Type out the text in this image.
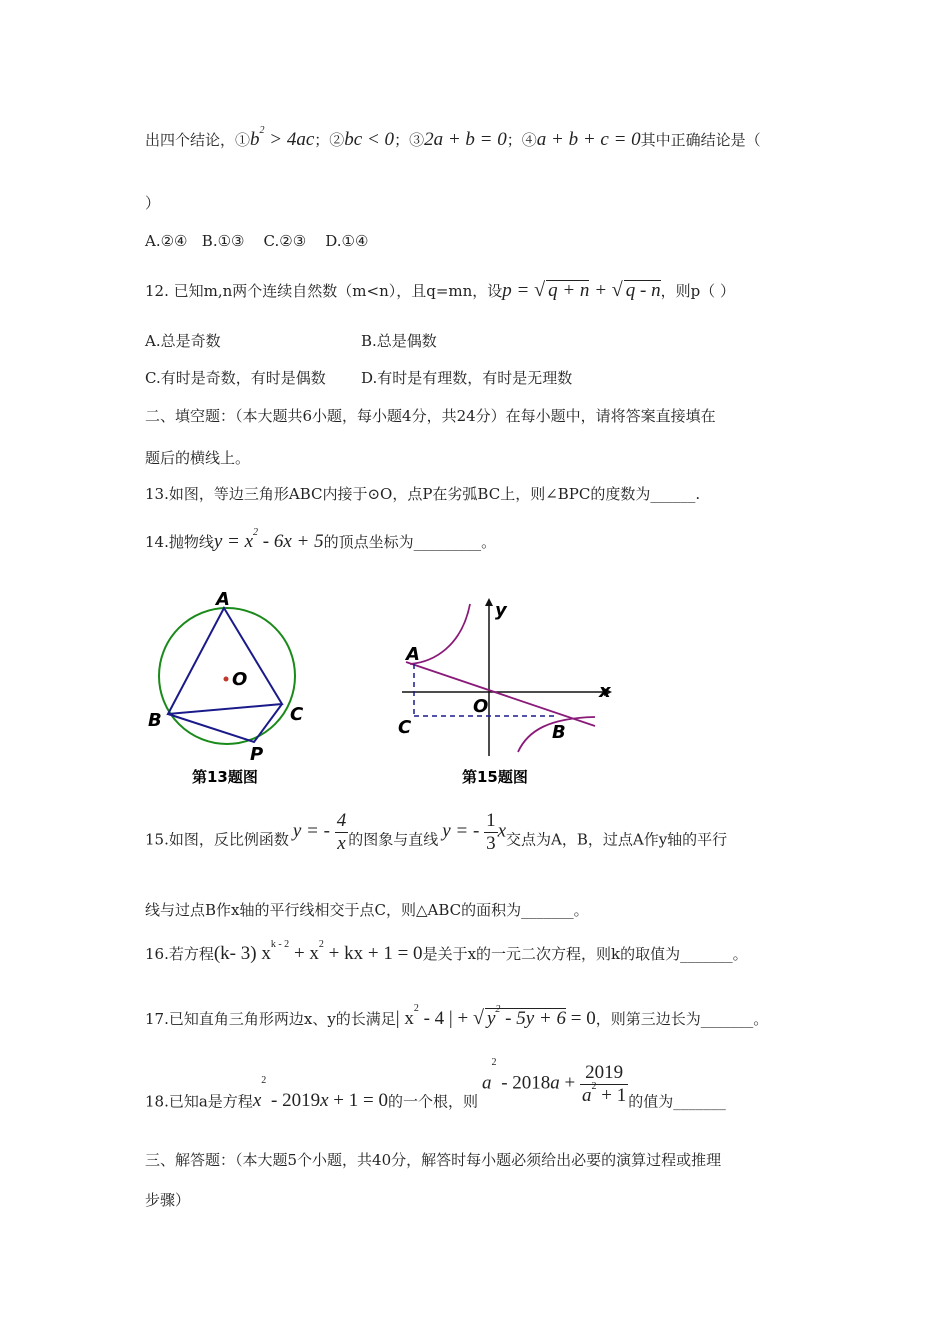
出四个结论，$①b^2 > 4ac$；②bc < 0；③2a + b = 0；④a + b + c = 0其中正确结论是（
）
A.②④   B.①③    C.②③    D.①④
12. 已知m,n两个连续自然数（m<n），且q=mn，设p = √ q + n + √ q - n，则p（ ）
A.总是奇数	B.总是偶数
C.有时是奇数，有时是偶数 D.有时是有理数，有时是无理数
二、填空题：（本大题共6小题，每小题4分，共24分）在每小题中，请将答案直接填在
题后的横线上。
13.如图，等边三角形ABC内接于⊙O，点P在劣弧BC上，则∠BPC的度数为______.
14.抛物线$y = x^2 - 6x + 5$的顶点坐标为_________。
A
O
B	C
P
第13题图
y
x
A
O
C	B
第15题图
15.如图，反比例函数 y = - $\frac{4}{x}$ 的图象与直线 y = - $\frac{1}{3}$ x交点为A，B，过点A作y轴的平行
线与过点B作x轴的平行线相交于点C，则△ABC的面积为_______。
16.若方程(k- 3) $x^{k - 2} + x^2$ + kx + 1 = 0是关于x的一元二次方程，则k的取值为_______。
17.已知直角三角形两边x、y的长满足| $x^2 - 4$ | + √ $y^2 - 5y + 6 = 0$，则第三边长为_______。
18.已知a是方程$x^2 - 2019x + 1 = 0$的一个根，则$a^2 - 2018a + \frac{2019}{a^2 + 1}$ 的值为_______
三、解答题：（本大题5个小题，共40分，解答时每小题必须给出必要的演算过程或推理
步骤）
